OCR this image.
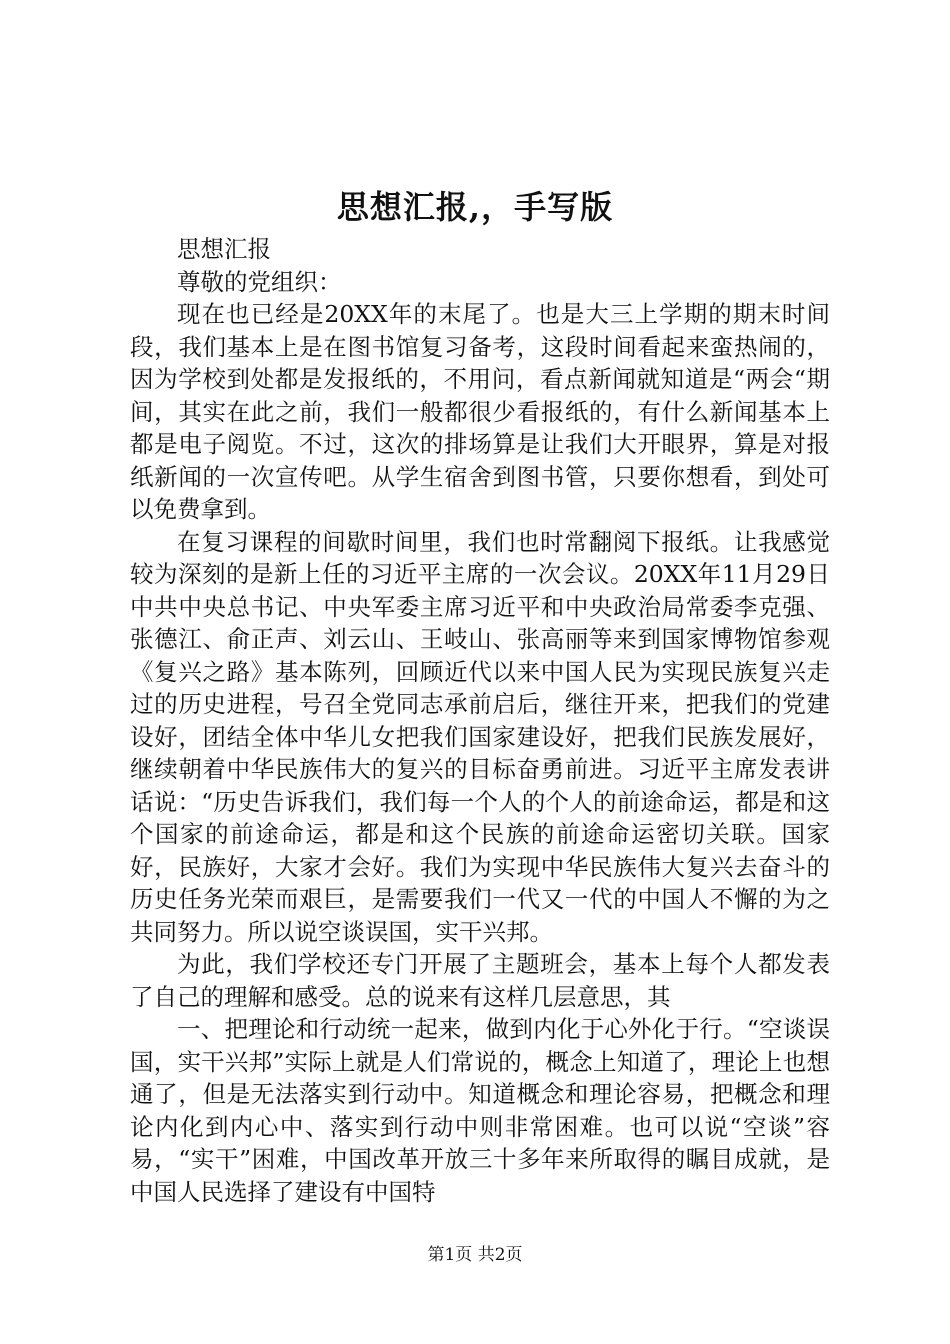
思想汇报,，手写版

思想汇报

尊敬的党组织：

现在也已经是20XX年的末尾了。也是大三上学期的期末时间段，我们基本上是在图书馆复习备考，这段时间看起来蛮热闹的，因为学校到处都是发报纸的，不用问，看点新闻就知道是“两会“期间，其实在此之前，我们一般都很少看报纸的，有什么新闻基本上都是电子阅览。不过，这次的排场算是让我们大开眼界，算是对报纸新闻的一次宣传吧。从学生宿舍到图书管，只要你想看，到处可以免费拿到。

在复习课程的间歇时间里，我们也时常翻阅下报纸。让我感觉较为深刻的是新上任的习近平主席的一次会议。20XX年11月29日中共中央总书记、中央军委主席习近平和中央政治局常委李克强、张德江、俞正声、刘云山、王岐山、张高丽等来到国家博物馆参观《复兴之路》基本陈列，回顾近代以来中国人民为实现民族复兴走过的历史进程，号召全党同志承前启后，继往开来，把我们的党建设好，团结全体中华儿女把我们国家建设好，把我们民族发展好，继续朝着中华民族伟大的复兴的目标奋勇前进。习近平主席发表讲话说：“历史告诉我们，我们每一个人的个人的前途命运，都是和这个国家的前途命运，都是和这个民族的前途命运密切关联。国家好，民族好，大家才会好。我们为实现中华民族伟大复兴去奋斗的历史任务光荣而艰巨，是需要我们一代又一代的中国人不懈的为之共同努力。所以说空谈误国，实干兴邦。

为此，我们学校还专门开展了主题班会，基本上每个人都发表了自己的理解和感受。总的说来有这样几层意思，其

一、把理论和行动统一起来，做到内化于心外化于行。“空谈误国，实干兴邦”实际上就是人们常说的，概念上知道了，理论上也想通了，但是无法落实到行动中。知道概念和理论容易，把概念和理论内化到内心中、落实到行动中则非常困难。也可以说“空谈”容易，“实干”困难，中国改革开放三十多年来所取得的瞩目成就，是中国人民选择了建设有中国特

第1页 共2页
